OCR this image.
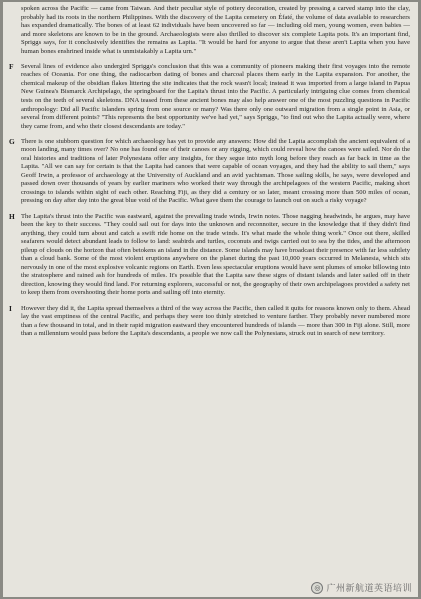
spoken across the Pacific — came from Taiwan. And their peculiar style of pottery decoration, created by pressing a carved stamp into the clay, probably had its roots in the northern Philippines. With the discovery of the Lapita cemetery on Éfaté, the volume of data available to researchers has expanded dramatically. The bones of at least 62 individuals have been uncovered so far — including old men, young women, even babies — and more skeletons are known to be in the ground. Archaeologists were also thrilled to discover six complete Lapita pots. It's an important find, Spriggs says, for it conclusively identifies the remains as Lapita. "It would be hard for anyone to argue that these aren't Lapita when you have human bones enshrined inside what is unmistakably a Lapita urn."
F	Several lines of evidence also undergird Spriggs's conclusion that this was a community of pioneers making their first voyages into the remote reaches of Oceania. For one thing, the radiocarbon dating of bones and charcoal places them early in the Lapita expansion. For another, the chemical makeup of the obsidian flakes littering the site indicates that the rock wasn't local; instead it was imported from a large island in Papua New Guinea's Bismarck Archipelago, the springboard for the Lapita's thrust into the Pacific. A particularly intriguing clue comes from chemical tests on the teeth of several skeletons. DNA teased from these ancient bones may also help answer one of the most puzzling questions in Pacific anthropology: Did all Pacific islanders spring from one source or many? Was there only one outward migration from a single point in Asia, or several from different points? "This represents the best opportunity we've had yet," says Spriggs, "to find out who the Lapita actually were, where they came from, and who their closest descendants are today."
G There is one stubborn question for which archaeology has yet to provide any answers: How did the Lapita accomplish the ancient equivalent of a moon landing, many times over? No one has found one of their canoes or any rigging, which could reveal how the canoes were sailed. Nor do the oral histories and traditions of later Polynesians offer any insights, for they segue into myth long before they reach as far back in time as the Lapita. "All we can say for certain is that the Lapita had canoes that were capable of ocean voyages, and they had the ability to sail them," says Geoff Irwin, a professor of archaeology at the University of Auckland and an avid yachtsman. Those sailing skills, he says, were developed and passed down over thousands of years by earlier mariners who worked their way through the archipelagoes of the western Pacific, making short crossings to islands within sight of each other. Reaching Fiji, as they did a century or so later, meant crossing more than 500 miles of ocean, pressing on day after day into the great blue void of the Pacific. What gave them the courage to launch out on such a risky voyage?
H The Lapita's thrust into the Pacific was eastward, against the prevailing trade winds, Irwin notes. Those nagging headwinds, he argues, may have been the key to their success. "They could sail out for days into the unknown and reconnoiter, secure in the knowledge that if they didn't find anything, they could turn about and catch a swift ride home on the trade winds. It's what made the whole thing work." Once out there, skilled seafarers would detect abundant leads to follow to land: seabirds and turtles, coconuts and twigs carried out to sea by the tides, and the afternoon pileup of clouds on the horizon that often betokens an island in the distance. Some islands may have broadcast their presence with far less subtlety than a cloud bank. Some of the most violent eruptions anywhere on the planet during the past 10,000 years occurred in Melanesia, which sits nervously in one of the most explosive volcanic regions on Earth. Even less spectacular eruptions would have sent plumes of smoke billowing into the stratosphere and rained ash for hundreds of miles. It's possible that the Lapita saw these signs of distant islands and later sailed off in their direction, knowing they would find land. For returning explorers, successful or not, the geography of their own archipelagoes provided a safety net to keep them from overshooting their home ports and sailing off into eternity.
I	However they did it, the Lapita spread themselves a third of the way across the Pacific, then called it quits for reasons known only to them. Ahead lay the vast emptiness of the central Pacific, and perhaps they were too thinly stretched to venture farther. They probably never numbered more than a few thousand in total, and in their rapid migration eastward they encountered hundreds of islands — more than 300 in Fiji alone. Still, more than a millennium would pass before the Lapita's descendants, a people we now call the Polynesians, struck out in search of new territory.
◎ 广州新航道英语培训
